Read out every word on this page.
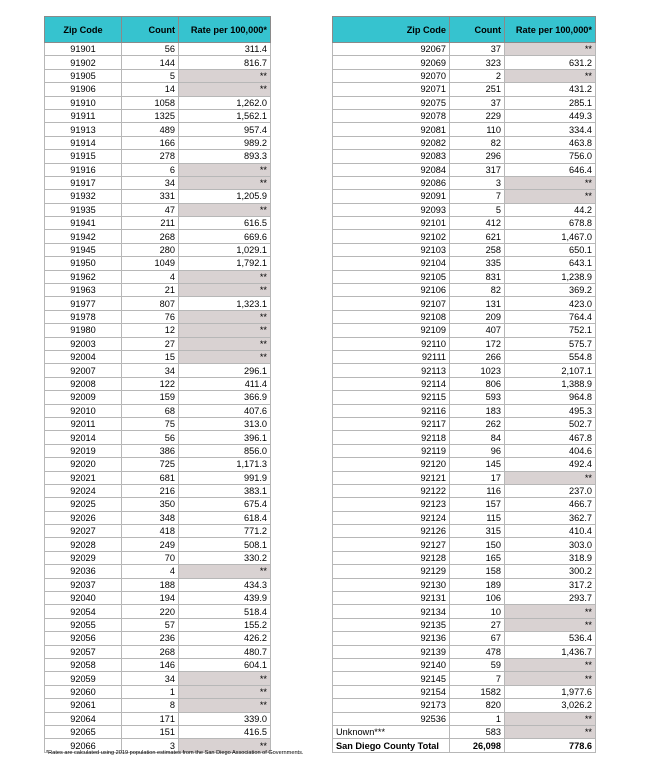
Zip Code	Count	Rate per 100,000*
91901	56	311.4
91902	144	816.7
91905	5	**
91906	14	**
91910	1058	1,262.0
91911	1325	1,562.1
91913	489	957.4
91914	166	989.2
91915	278	893.3
91916	6	**
91917	34	**
91932	331	1,205.9
91935	47	**
91941	211	616.5
91942	268	669.6
91945	280	1,029.1
91950	1049	1,792.1
91962	4	**
91963	21	**
91977	807	1,323.1
91978	76	**
91980	12	**
92003	27	**
92004	15	**
92007	34	296.1
92008	122	411.4
92009	159	366.9
92010	68	407.6
92011	75	313.0
92014	56	396.1
92019	386	856.0
92020	725	1,171.3
92021	681	991.9
92024	216	383.1
92025	350	675.4
92026	348	618.4
92027	418	771.2
92028	249	508.1
92029	70	330.2
92036	4	**
92037	188	434.3
92040	194	439.9
92054	220	518.4
92055	57	155.2
92056	236	426.2
92057	268	480.7
92058	146	604.1
92059	34	**
92060	1	**
92061	8	**
92064	171	339.0
92065	151	416.5
92066	3	**
Zip Code	Count	Rate per 100,000*
92067	37	**
92069	323	631.2
92070	2	**
92071	251	431.2
92075	37	285.1
92078	229	449.3
92081	110	334.4
92082	82	463.8
92083	296	756.0
92084	317	646.4
92086	3	**
92091	7	**
92093	5	44.2
92101	412	678.8
92102	621	1,467.0
92103	258	650.1
92104	335	643.1
92105	831	1,238.9
92106	82	369.2
92107	131	423.0
92108	209	764.4
92109	407	752.1
92110	172	575.7
92111	266	554.8
92113	1023	2,107.1
92114	806	1,388.9
92115	593	964.8
92116	183	495.3
92117	262	502.7
92118	84	467.8
92119	96	404.6
92120	145	492.4
92121	17	**
92122	116	237.0
92123	157	466.7
92124	115	362.7
92126	315	410.4
92127	150	303.0
92128	165	318.9
92129	158	300.2
92130	189	317.2
92131	106	293.7
92134	10	**
92135	27	**
92136	67	536.4
92139	478	1,436.7
92140	59	**
92145	7	**
92154	1582	1,977.6
92173	820	3,026.2
92536	1	**
Unknown***	583	**
San Diego County Total	26,098	778.6
*Rates are calculated using 2019 population estimates from the San Diego Association of Governments.
